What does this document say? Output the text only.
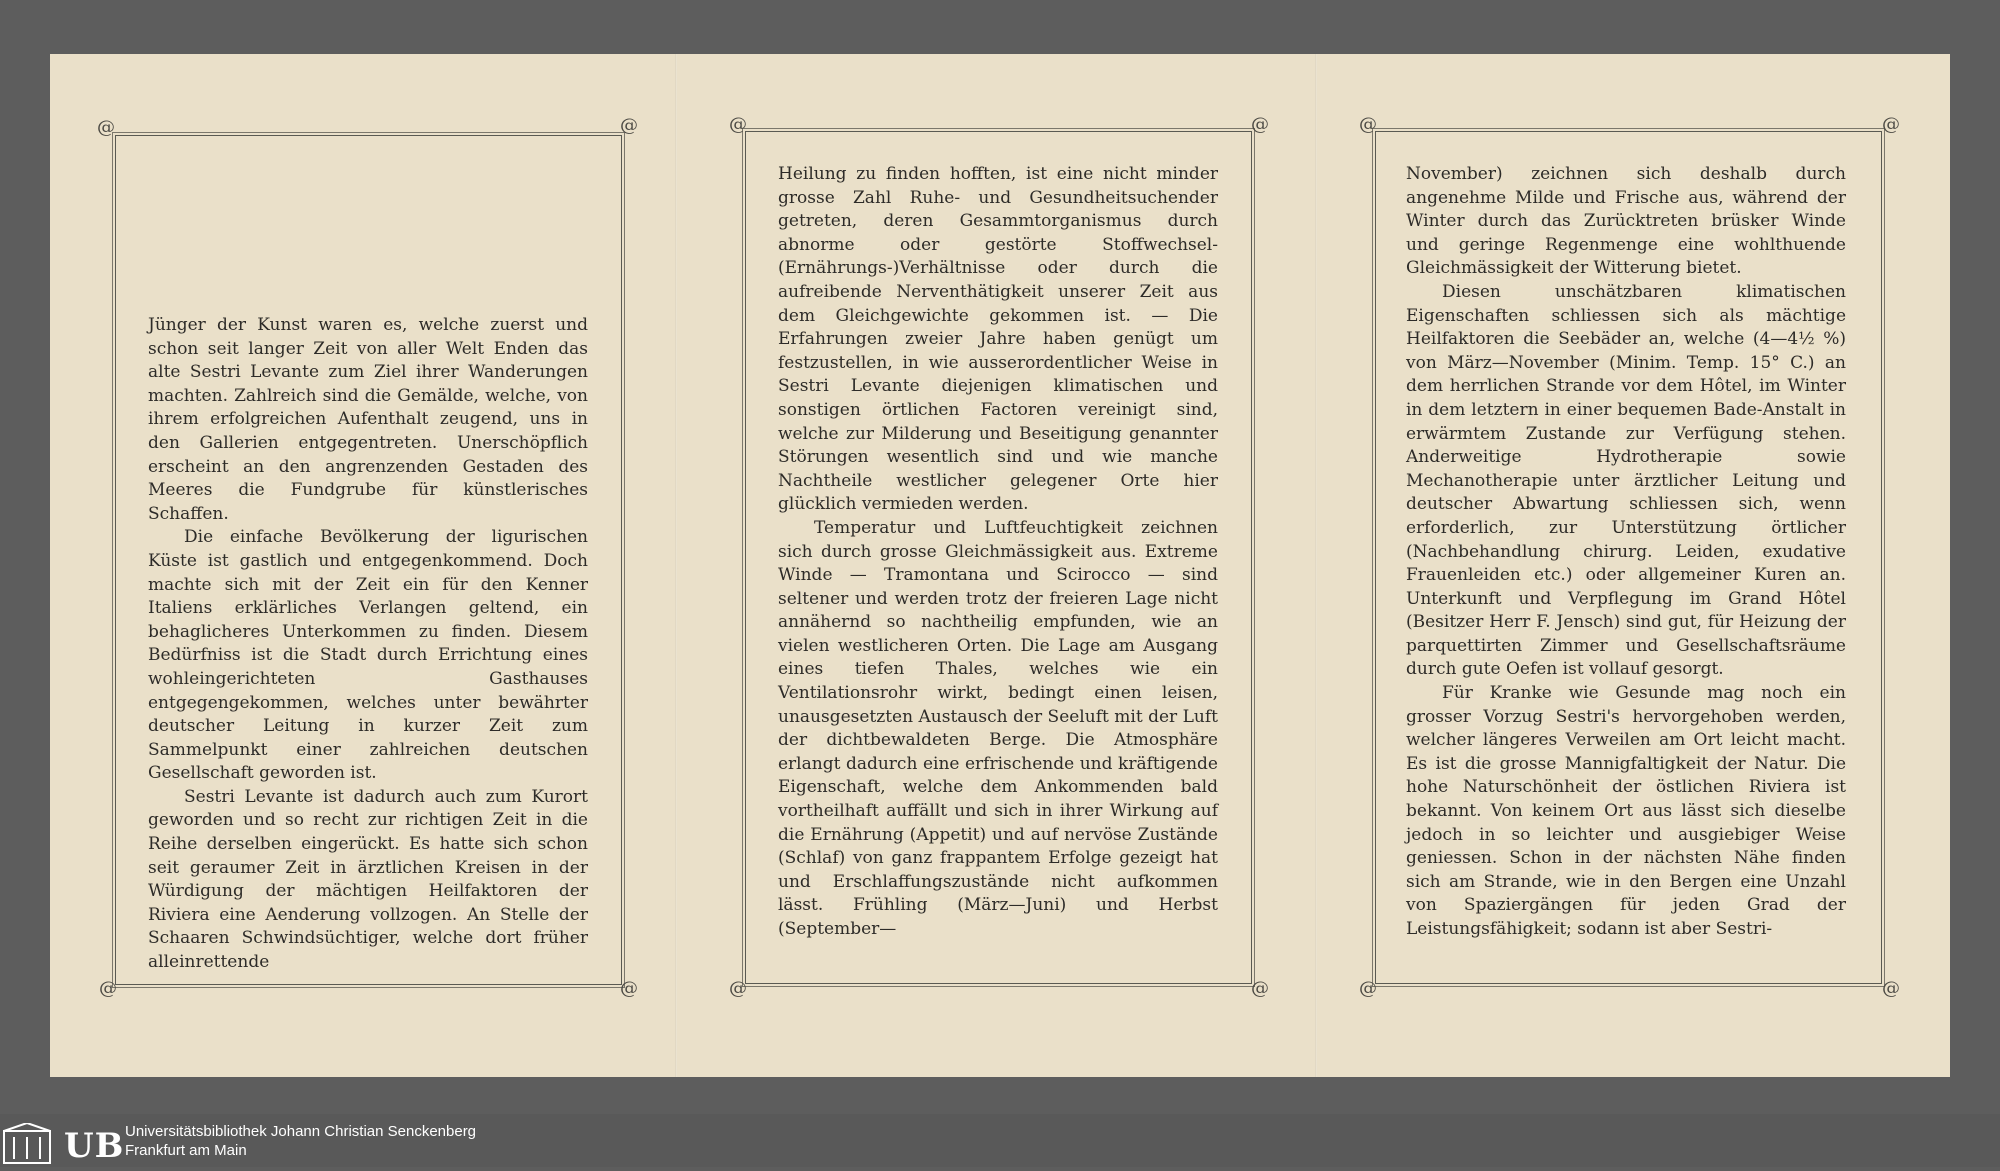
@	@
@	@

Jünger der Kunst waren es, welche zuerst und schon seit langer Zeit von aller Welt Enden das alte Sestri Levante zum Ziel ihrer Wanderungen machten. Zahlreich sind die Gemälde, welche, von ihrem erfolgreichen Aufenthalt zeugend, uns in den Gallerien entgegentreten. Unerschöpflich erscheint an den angrenzenden Gestaden des Meeres die Fundgrube für künstlerisches Schaffen.

Die einfache Bevölkerung der ligurischen Küste ist gastlich und entgegenkommend. Doch machte sich mit der Zeit ein für den Kenner Italiens erklärliches Verlangen geltend, ein behaglicheres Unterkommen zu finden. Diesem Bedürfniss ist die Stadt durch Errichtung eines wohleingerichteten Gasthauses entgegengekommen, welches unter bewährter deutscher Leitung in kurzer Zeit zum Sammelpunkt einer zahlreichen deutschen Gesellschaft geworden ist.

Sestri Levante ist dadurch auch zum Kurort geworden und so recht zur richtigen Zeit in die Reihe derselben eingerückt. Es hatte sich schon seit geraumer Zeit in ärztlichen Kreisen in der Würdigung der mächtigen Heilfaktoren der Riviera eine Aenderung vollzogen. An Stelle der Schaaren Schwindsüchtiger, welche dort früher alleinrettende

@	@
@	@

Heilung zu finden hofften, ist eine nicht minder grosse Zahl Ruhe- und Gesundheitsuchender getreten, deren Gesammtorganismus durch abnorme oder gestörte Stoffwechsel-(Ernährungs-)Verhältnisse oder durch die aufreibende Nerventhätigkeit unserer Zeit aus dem Gleichgewichte gekommen ist. — Die Erfahrungen zweier Jahre haben genügt um festzustellen, in wie ausserordentlicher Weise in Sestri Levante diejenigen klimatischen und sonstigen örtlichen Factoren vereinigt sind, welche zur Milderung und Beseitigung genannter Störungen wesentlich sind und wie manche Nachtheile westlicher gelegener Orte hier glücklich vermieden werden.

Temperatur und Luftfeuchtigkeit zeichnen sich durch grosse Gleichmässigkeit aus. Extreme Winde — Tramontana und Scirocco — sind seltener und werden trotz der freieren Lage nicht annähernd so nachtheilig empfunden, wie an vielen westlicheren Orten. Die Lage am Ausgang eines tiefen Thales, welches wie ein Ventilationsrohr wirkt, bedingt einen leisen, unausgesetzten Austausch der Seeluft mit der Luft der dichtbewaldeten Berge. Die Atmosphäre erlangt dadurch eine erfrischende und kräftigende Eigenschaft, welche dem Ankommenden bald vortheilhaft auffällt und sich in ihrer Wirkung auf die Ernährung (Appetit) und auf nervöse Zustände (Schlaf) von ganz frappantem Erfolge gezeigt hat und Erschlaffungszustände nicht aufkommen lässt. Frühling (März—Juni) und Herbst (September—

@	@
@	@

November) zeichnen sich deshalb durch angenehme Milde und Frische aus, während der Winter durch das Zurücktreten brüsker Winde und geringe Regenmenge eine wohlthuende Gleichmässigkeit der Witterung bietet.

Diesen unschätzbaren klimatischen Eigenschaften schliessen sich als mächtige Heilfaktoren die Seebäder an, welche (4—4½ %) von März—November (Minim. Temp. 15° C.) an dem herrlichen Strande vor dem Hôtel, im Winter in dem letztern in einer bequemen Bade-Anstalt in erwärmtem Zustande zur Verfügung stehen. Anderweitige Hydrotherapie sowie Mechanotherapie unter ärztlicher Leitung und deutscher Abwartung schliessen sich, wenn erforderlich, zur Unterstützung örtlicher (Nachbehandlung chirurg. Leiden, exudative Frauenleiden etc.) oder allgemeiner Kuren an. Unterkunft und Verpflegung im Grand Hôtel (Besitzer Herr F. Jensch) sind gut, für Heizung der parquettirten Zimmer und Gesellschaftsräume durch gute Oefen ist vollauf gesorgt.

Für Kranke wie Gesunde mag noch ein grosser Vorzug Sestri's hervorgehoben werden, welcher längeres Verweilen am Ort leicht macht. Es ist die grosse Mannigfaltigkeit der Natur. Die hohe Naturschönheit der östlichen Riviera ist bekannt. Von keinem Ort aus lässt sich dieselbe jedoch in so leichter und ausgiebiger Weise geniessen. Schon in der nächsten Nähe finden sich am Strande, wie in den Bergen eine Unzahl von Spaziergängen für jeden Grad der Leistungsfähigkeit; sodann ist aber Sestri-

UB Universitätsbibliothek Johann Christian Senckenberg
Frankfurt am Main
